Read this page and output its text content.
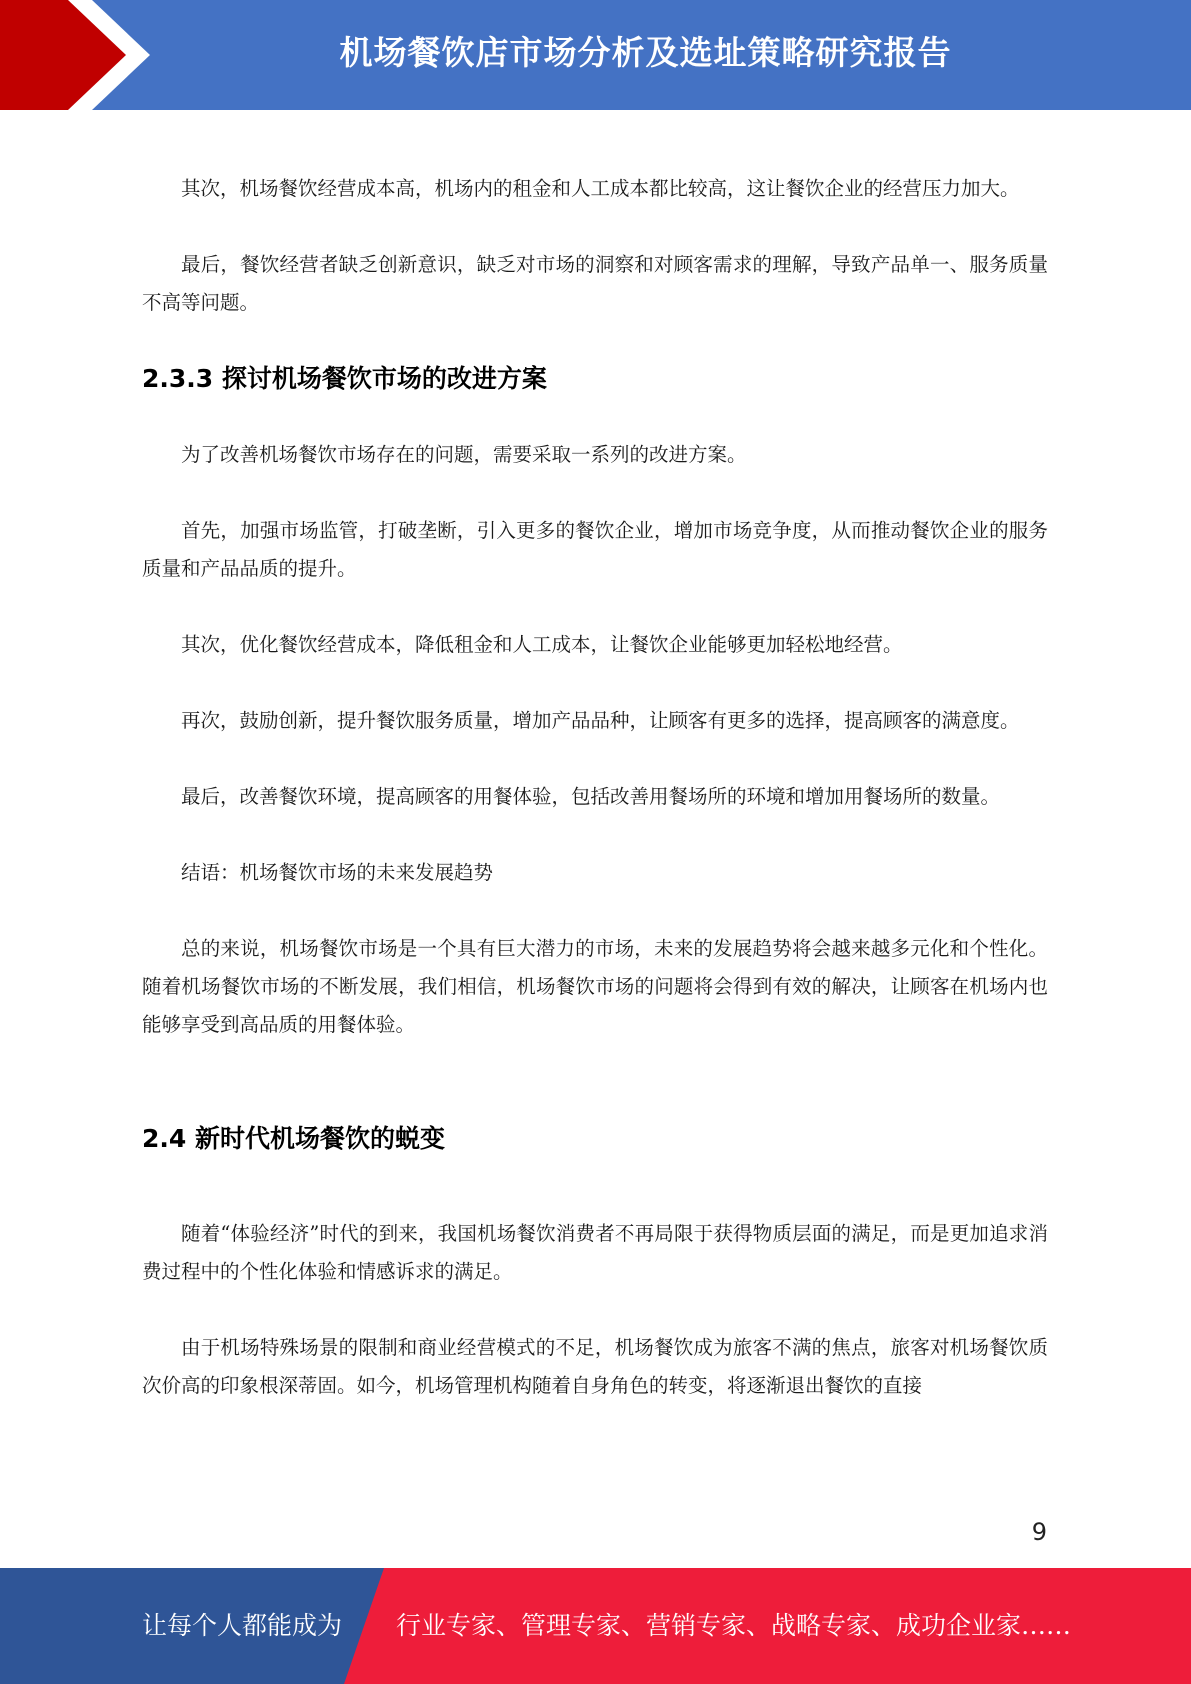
机场餐饮店市场分析及选址策略研究报告

其次，机场餐饮经营成本高，机场内的租金和人工成本都比较高，这让餐饮企业的经营压力加大。

最后，餐饮经营者缺乏创新意识，缺乏对市场的洞察和对顾客需求的理解，导致产品单一、服务质量不高等问题。

2.3.3 探讨机场餐饮市场的改进方案

为了改善机场餐饮市场存在的问题，需要采取一系列的改进方案。

首先，加强市场监管，打破垄断，引入更多的餐饮企业，增加市场竞争度，从而推动餐饮企业的服务质量和产品品质的提升。

其次，优化餐饮经营成本，降低租金和人工成本，让餐饮企业能够更加轻松地经营。

再次，鼓励创新，提升餐饮服务质量，增加产品品种，让顾客有更多的选择，提高顾客的满意度。

最后，改善餐饮环境，提高顾客的用餐体验，包括改善用餐场所的环境和增加用餐场所的数量。

结语：机场餐饮市场的未来发展趋势

总的来说，机场餐饮市场是一个具有巨大潜力的市场，未来的发展趋势将会越来越多元化和个性化。随着机场餐饮市场的不断发展，我们相信，机场餐饮市场的问题将会得到有效的解决，让顾客在机场内也能够享受到高品质的用餐体验。

2.4 新时代机场餐饮的蜕变

随着“体验经济”时代的到来，我国机场餐饮消费者不再局限于获得物质层面的满足，而是更加追求消费过程中的个性化体验和情感诉求的满足。

由于机场特殊场景的限制和商业经营模式的不足，机场餐饮成为旅客不满的焦点，旅客对机场餐饮质次价高的印象根深蒂固。如今，机场管理机构随着自身角色的转变，将逐渐退出餐饮的直接

9
让每个人都能成为 行业专家、管理专家、营销专家、战略专家、成功企业家……
